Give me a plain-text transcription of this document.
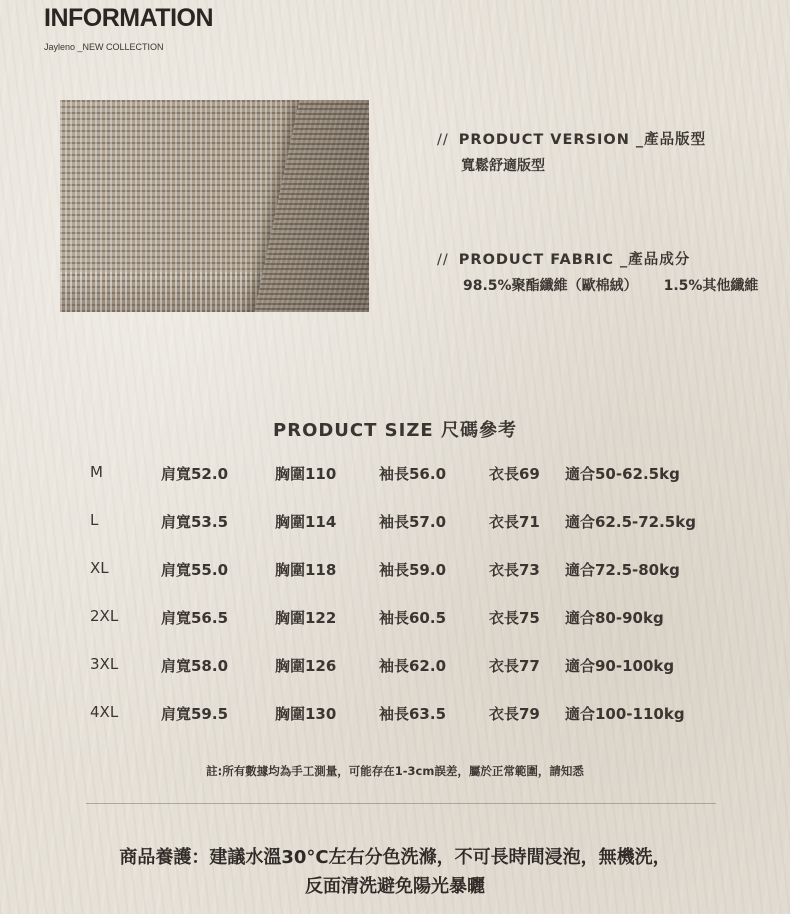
INFORMATION
Jayleno _NEW COLLECTION
// PRODUCT VERSION _產品版型
寬鬆舒適版型
// PRODUCT FABRIC _產品成分
98.5%聚酯纖維（歐棉絨） 1.5%其他纖維
PRODUCT SIZE 尺碼參考
M	肩寬52.0	胸圍110	袖長56.0	衣長69 適合50-62.5kg
L	肩寬53.5	胸圍114	袖長57.0	衣長71 適合62.5-72.5kg
XL	肩寬55.0	胸圍118	袖長59.0	衣長73 適合72.5-80kg
2XL	肩寬56.5	胸圍122	袖長60.5	衣長75 適合80-90kg
3XL	肩寬58.0	胸圍126	袖長62.0	衣長77 適合90-100kg
4XL	肩寬59.5	胸圍130	袖長63.5	衣長79 適合100-110kg
註:所有數據均為手工測量，可能存在1-3cm誤差，屬於正常範圍，請知悉
商品養護：建議水溫30°C左右分色洗滌，不可長時間浸泡，無機洗，
反面清洗避免陽光暴曬
